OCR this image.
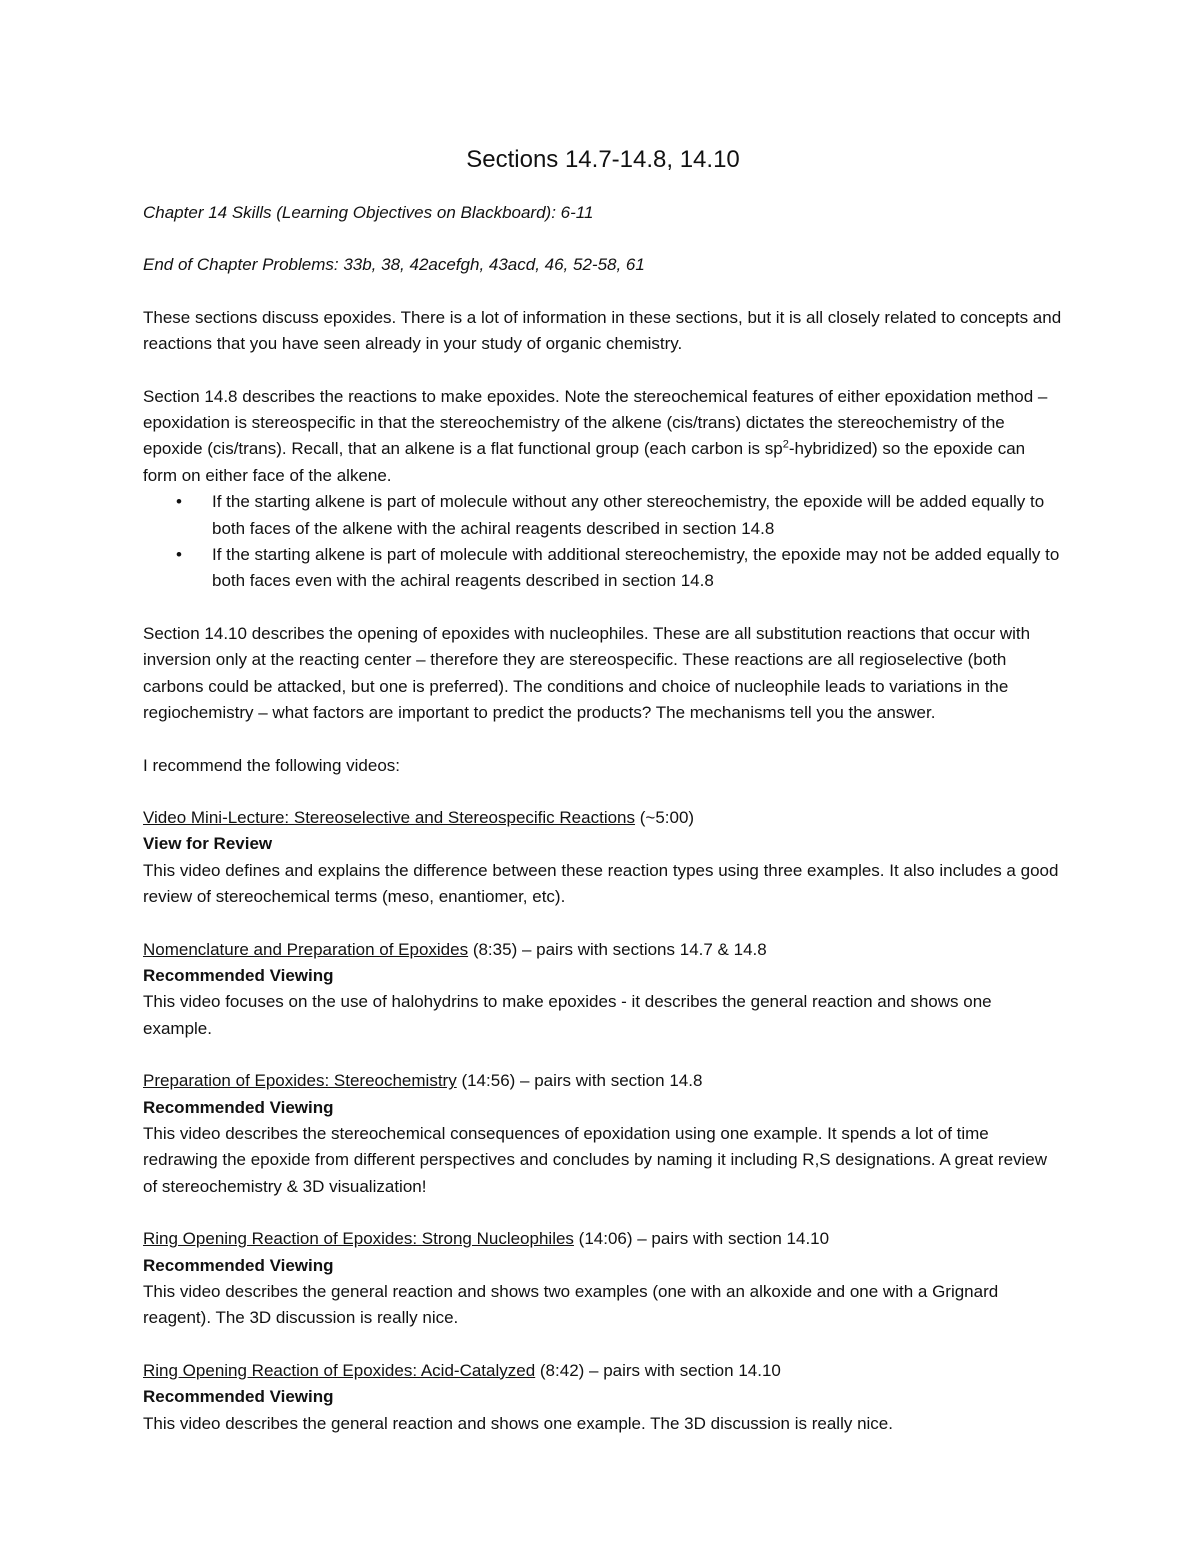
Sections 14.7-14.8, 14.10

Chapter 14 Skills (Learning Objectives on Blackboard): 6-11

End of Chapter Problems: 33b, 38, 42acefgh, 43acd, 46, 52-58, 61

These sections discuss epoxides. There is a lot of information in these sections, but it is all closely related to concepts and reactions that you have seen already in your study of organic chemistry.

Section 14.8 describes the reactions to make epoxides. Note the stereochemical features of either epoxidation method – epoxidation is stereospecific in that the stereochemistry of the alkene (cis/trans) dictates the stereochemistry of the epoxide (cis/trans). Recall, that an alkene is a flat functional group (each carbon is $sp^2-hybridized$) so the epoxide can form on either face of the alkene.
• If the starting alkene is part of molecule without any other stereochemistry, the epoxide will be added equally to both faces of the alkene with the achiral reagents described in section 14.8
• If the starting alkene is part of molecule with additional stereochemistry, the epoxide may not be added equally to both faces even with the achiral reagents described in section 14.8

Section 14.10 describes the opening of epoxides with nucleophiles. These are all substitution reactions that occur with inversion only at the reacting center – therefore they are stereospecific. These reactions are all regioselective (both carbons could be attacked, but one is preferred). The conditions and choice of nucleophile leads to variations in the regiochemistry – what factors are important to predict the products? The mechanisms tell you the answer.

I recommend the following videos:

Video Mini-Lecture: Stereoselective and Stereospecific Reactions (~5:00)
View for Review
This video defines and explains the difference between these reaction types using three examples. It also includes a good review of stereochemical terms (meso, enantiomer, etc).
Nomenclature and Preparation of Epoxides (8:35) – pairs with sections 14.7 & 14.8
Recommended Viewing
This video focuses on the use of halohydrins to make epoxides - it describes the general reaction and shows one example.
Preparation of Epoxides: Stereochemistry (14:56) – pairs with section 14.8
Recommended Viewing
This video describes the stereochemical consequences of epoxidation using one example. It spends a lot of time redrawing the epoxide from different perspectives and concludes by naming it including R,S designations. A great review of stereochemistry & 3D visualization!
Ring Opening Reaction of Epoxides: Strong Nucleophiles (14:06) – pairs with section 14.10
Recommended Viewing
This video describes the general reaction and shows two examples (one with an alkoxide and one with a Grignard reagent). The 3D discussion is really nice.
Ring Opening Reaction of Epoxides: Acid-Catalyzed (8:42) – pairs with section 14.10
Recommended Viewing
This video describes the general reaction and shows one example. The 3D discussion is really nice.
